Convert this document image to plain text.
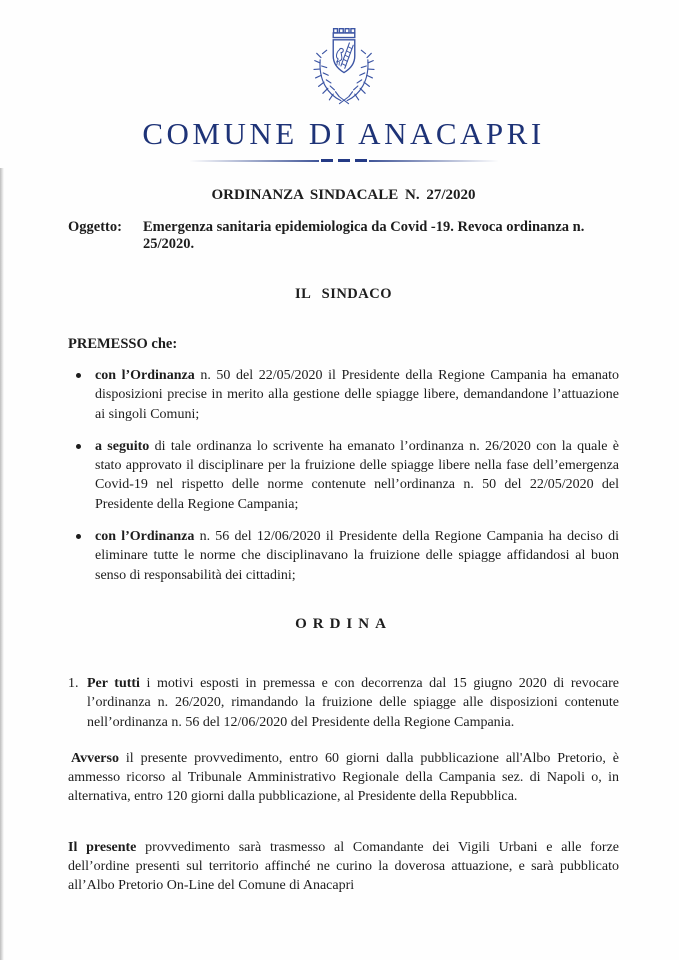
COMUNE DI ANACAPRI
ORDINANZA SINDACALE N. 27/2020
Oggetto: Emergenza sanitaria epidemiologica da Covid -19. Revoca ordinanza n. 25/2020.
IL SINDACO
PREMESSO che:
con l’Ordinanza n. 50 del 22/05/2020 il Presidente della Regione Campania ha emanato disposizioni precise in merito alla gestione delle spiagge libere, demandandone l’attuazione ai singoli Comuni;
a seguito di tale ordinanza lo scrivente ha emanato l’ordinanza n. 26/2020 con la quale è stato approvato il disciplinare per la fruizione delle spiagge libere nella fase dell’emergenza Covid-19 nel rispetto delle norme contenute nell’ordinanza n. 50 del 22/05/2020 del Presidente della Regione Campania;
con l’Ordinanza n. 56 del 12/06/2020 il Presidente della Regione Campania ha deciso di eliminare tutte le norme che disciplinavano la fruizione delle spiagge affidandosi al buon senso di responsabilità dei cittadini;
ORDINA
1. Per tutti i motivi esposti in premessa e con decorrenza dal 15 giugno 2020 di revocare l’ordinanza n. 26/2020, rimandando la fruizione delle spiagge alle disposizioni contenute nell’ordinanza n. 56 del 12/06/2020 del Presidente della Regione Campania.

Avverso il presente provvedimento, entro 60 giorni dalla pubblicazione all'Albo Pretorio, è ammesso ricorso al Tribunale Amministrativo Regionale della Campania sez. di Napoli o, in alternativa, entro 120 giorni dalla pubblicazione, al Presidente della Repubblica.

Il presente provvedimento sarà trasmesso al Comandante dei Vigili Urbani e alle forze dell’ordine presenti sul territorio affinché ne curino la doverosa attuazione, e sarà pubblicato all’Albo Pretorio On-Line del Comune di Anacapri
